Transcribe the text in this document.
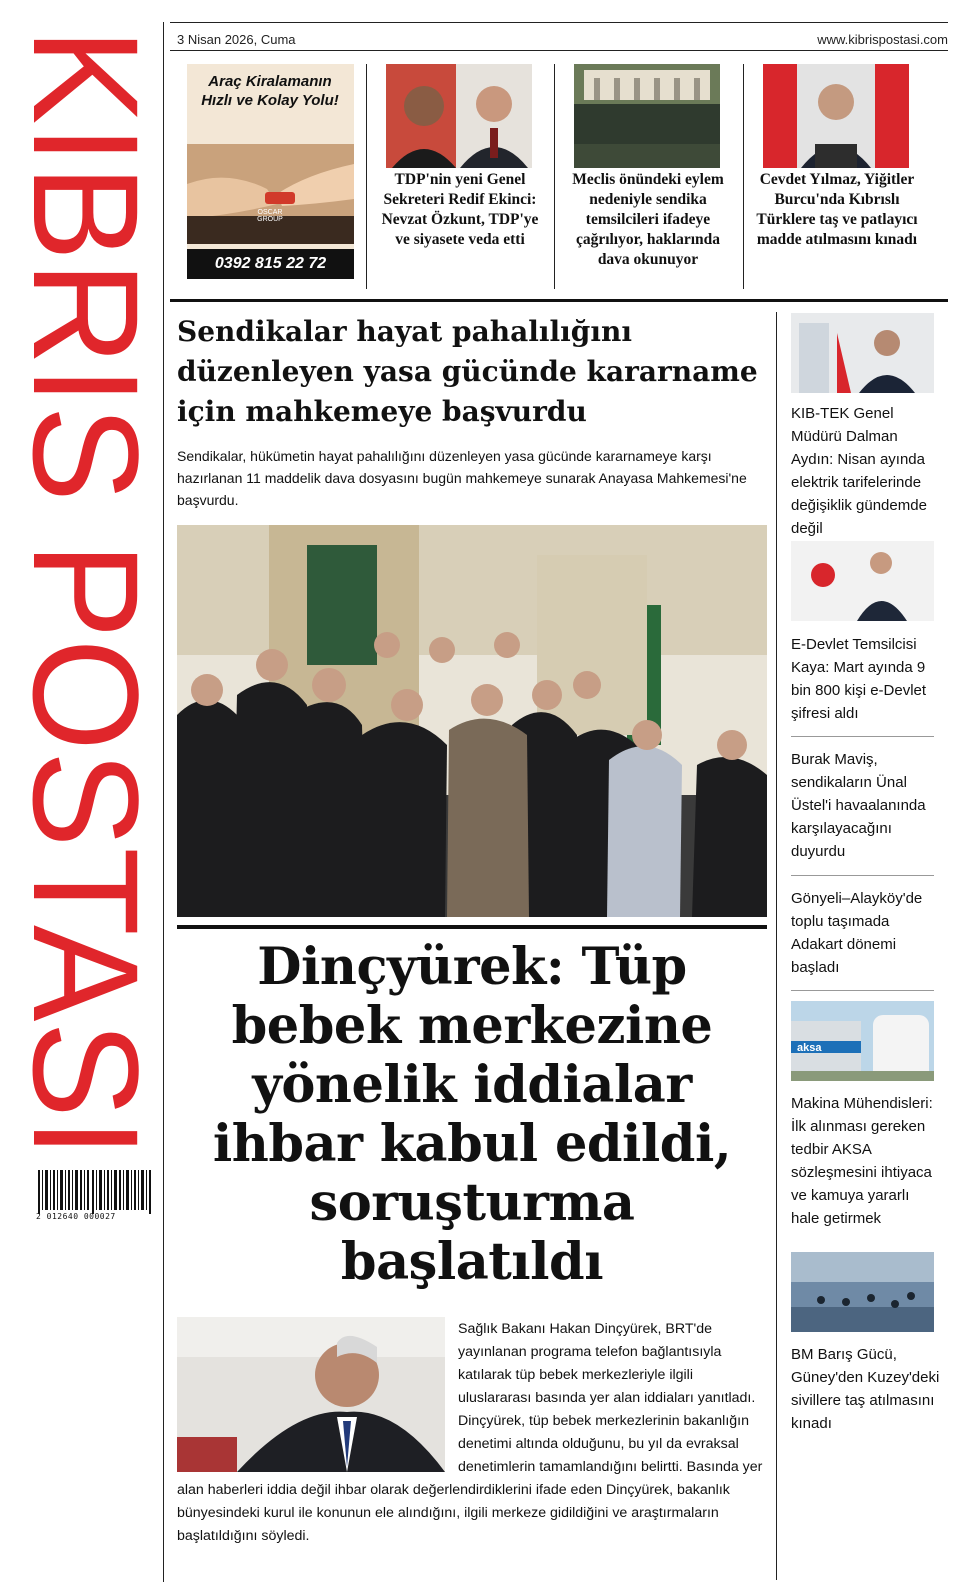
KIBRIS POSTASI
2 012640 000027
3 Nisan 2026, Cuma	www.kibrispostasi.com
Araç Kiralamanın Hızlı ve Kolay Yolu!
OSCAR GROUP
0392 815 22 72
TDP'nin yeni Genel Sekreteri Redif Ekinci: Nevzat Özkunt, TDP'ye ve siyasete veda etti
Meclis önündeki eylem nedeniyle sendika temsilcileri ifadeye çağrılıyor, haklarında dava okunuyor
Cevdet Yılmaz, Yiğitler Burcu'nda Kıbrıslı Türklere taş ve patlayıcı madde atılmasını kınadı
Sendikalar hayat pahalılığını düzenleyen yasa gücünde kararname için mahkemeye başvurdu
Sendikalar, hükümetin hayat pahalılığını düzenleyen yasa gücünde kararnameye karşı hazırlanan 11 maddelik dava dosyasını bugün mahkemeye sunarak Anayasa Mahkemesi'ne başvurdu.
Dinçyürek: Tüp bebek merkezine yönelik iddialar ihbar kabul edildi, soruşturma başlatıldı
Sağlık Bakanı Hakan Dinçyürek, BRT'de yayınlanan programa telefon bağlantısıyla katılarak tüp bebek merkezleriyle ilgili uluslararası basında yer alan iddiaları yanıtladı. Dinçyürek, tüp bebek merkezlerinin bakanlığın denetimi altında olduğunu, bu yıl da evraksal denetimlerin tamamlandığını belirtti. Basında yer
alan haberleri iddia değil ihbar olarak değerlendirdiklerini ifade eden Dinçyürek, bakanlık bünyesindeki kurul ile konunun ele alındığını, ilgili merkeze gidildiğini ve araştırmaların başlatıldığını söyledi.
KIB-TEK Genel Müdürü Dalman Aydın: Nisan ayında elektrik tarifelerinde değişiklik gündemde değil
E-Devlet Temsilcisi Kaya: Mart ayında 9 bin 800 kişi e-Devlet şifresi aldı
Burak Maviş, sendikaların Ünal Üstel'i havaalanında karşılayacağını duyurdu
Gönyeli–Alayköy'de toplu taşımada Adakart dönemi başladı
aksa
Makina Mühendisleri: İlk alınması gereken tedbir AKSA sözleşmesini ihtiyaca ve kamuya yararlı hale getirmek
BM Barış Gücü, Güney'den Kuzey'deki sivillere taş atılmasını kınadı
